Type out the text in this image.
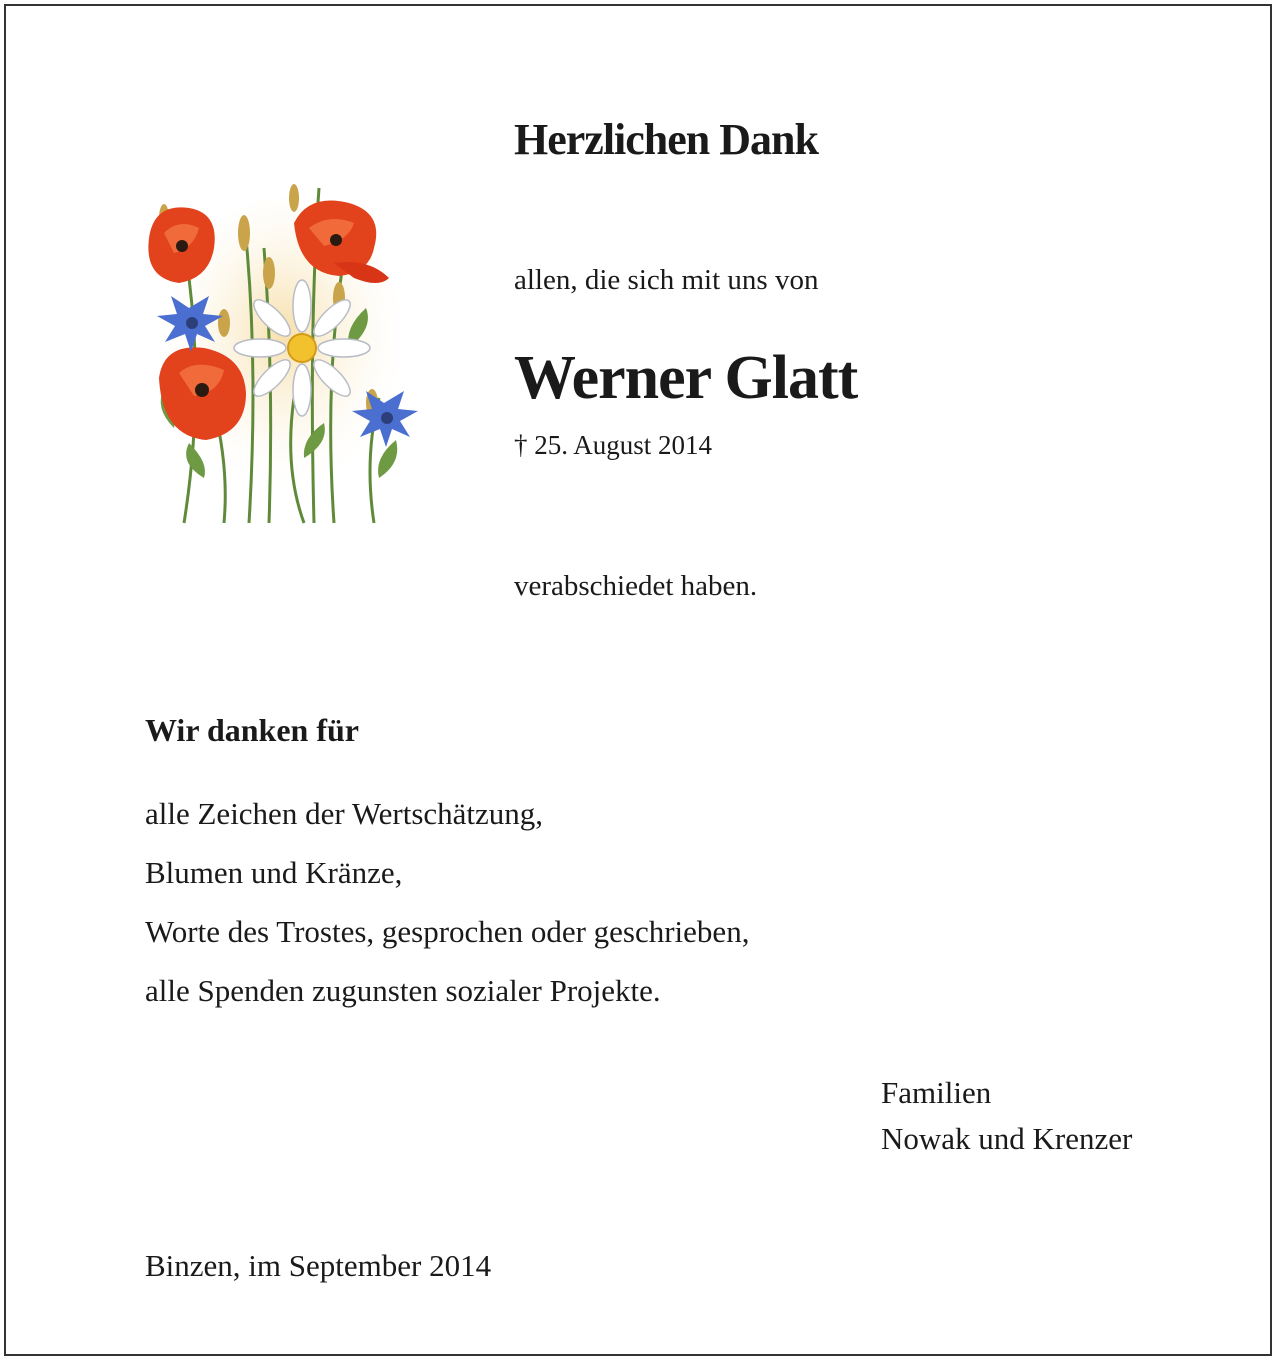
Herzlichen Dank
allen, die sich mit uns von
Werner Glatt
† 25. August 2014
verabschiedet haben.
Wir danken für
alle Zeichen der Wertschätzung,
Blumen und Kränze,
Worte des Trostes, gesprochen oder geschrieben,
alle Spenden zugunsten sozialer Projekte.
Familien
Nowak und Krenzer
Binzen, im September 2014
